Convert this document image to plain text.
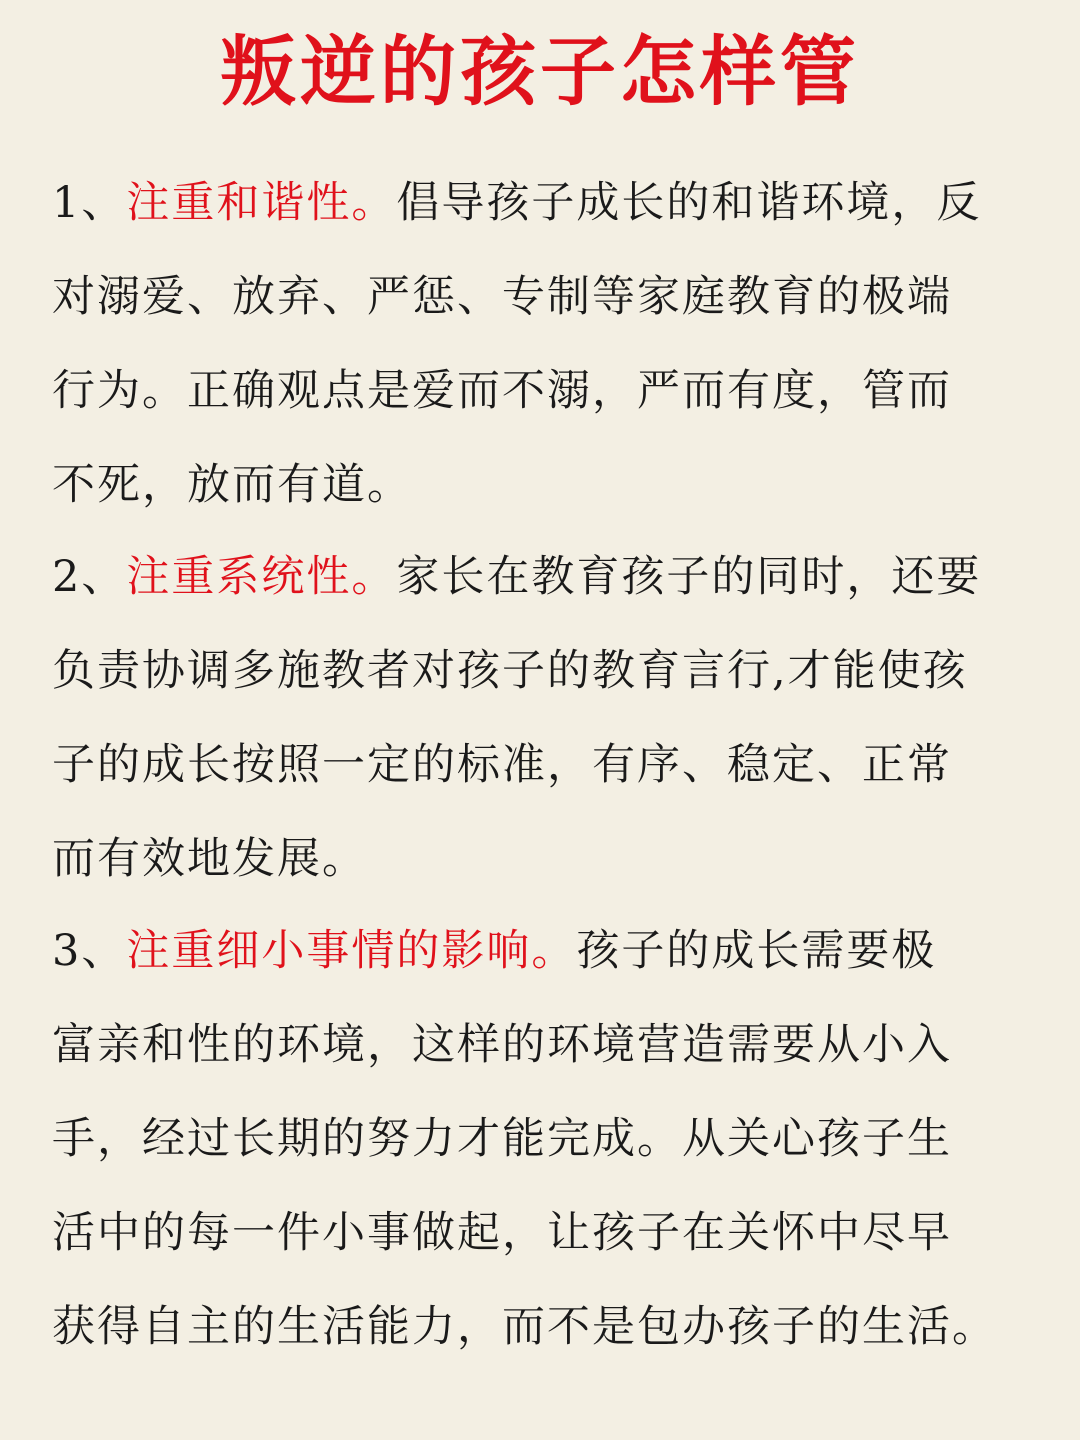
叛逆的孩子怎样管
1、注重和谐性。倡导孩子成长的和谐环境，反
对溺爱、放弃、严惩、专制等家庭教育的极端
行为。正确观点是爱而不溺，严而有度，管而
不死，放而有道。
2、注重系统性。家长在教育孩子的同时，还要
负责协调多施教者对孩子的教育言行,才能使孩
子的成长按照一定的标准，有序、稳定、正常
而有效地发展。
3、注重细小事情的影响。孩子的成长需要极
富亲和性的环境，这样的环境营造需要从小入
手，经过长期的努力才能完成。从关心孩子生
活中的每一件小事做起，让孩子在关怀中尽早
获得自主的生活能力，而不是包办孩子的生活。
